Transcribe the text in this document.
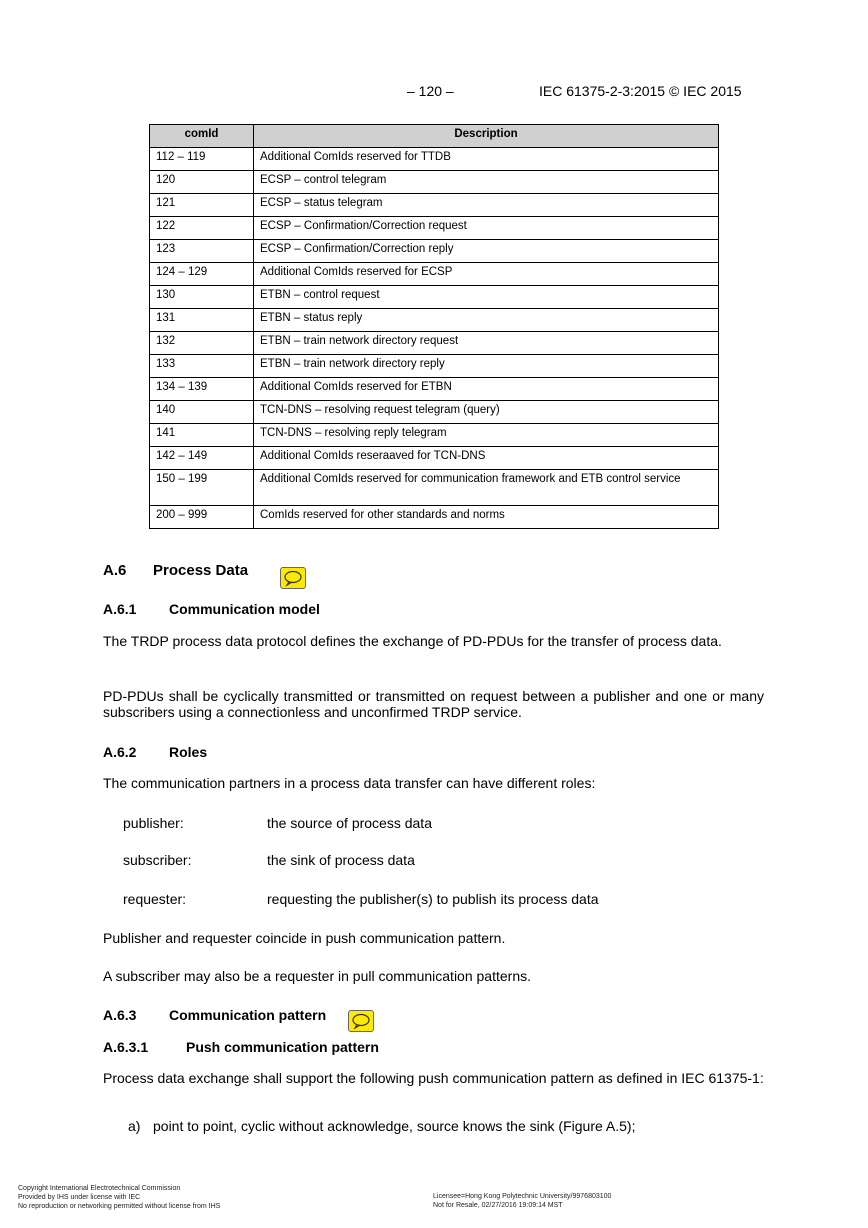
– 120 –	IEC 61375-2-3:2015 © IEC 2015
comId	Description
112 – 119	Additional ComIds reserved for TTDB
120	ECSP – control telegram
121	ECSP – status telegram
122	ECSP – Confirmation/Correction request
123	ECSP – Confirmation/Correction reply
124 – 129	Additional ComIds reserved for ECSP
130	ETBN – control request
131	ETBN – status reply
132	ETBN – train network directory request
133	ETBN – train network directory reply
134 – 139	Additional ComIds reserved for ETBN
140	TCN-DNS – resolving request telegram (query)
141	TCN-DNS – resolving reply telegram
142 – 149	Additional ComIds reseraaved for TCN-DNS
150 – 199	Additional ComIds reserved for communication framework and ETB control service
200 – 999	ComIds reserved for other standards and norms
A.6 Process Data
A.6.1 Communication model
The TRDP process data protocol defines the exchange of PD-PDUs for the transfer of process data.
PD-PDUs shall be cyclically transmitted or transmitted on request between a publisher and one or many subscribers using a connectionless and unconfirmed TRDP service.
A.6.2 Roles
The communication partners in a process data transfer can have different roles:
publisher:	the source of process data
subscriber:	the sink of process data
requester:	requesting the publisher(s) to publish its process data
Publisher and requester coincide in push communication pattern.
A subscriber may also be a requester in pull communication patterns.
A.6.3 Communication pattern
A.6.3.1	Push communication pattern
Process data exchange shall support the following push communication pattern as defined in IEC 61375-1:
a) point to point, cyclic without acknowledge, source knows the sink (Figure A.5);
Copyright International Electrotechnical Commission
Provided by IHS under license with IEC
No reproduction or networking permitted without license from IHS
Licensee=Hong Kong Polytechnic University/9976803100
Not for Resale, 02/27/2016 19:09:14 MST
